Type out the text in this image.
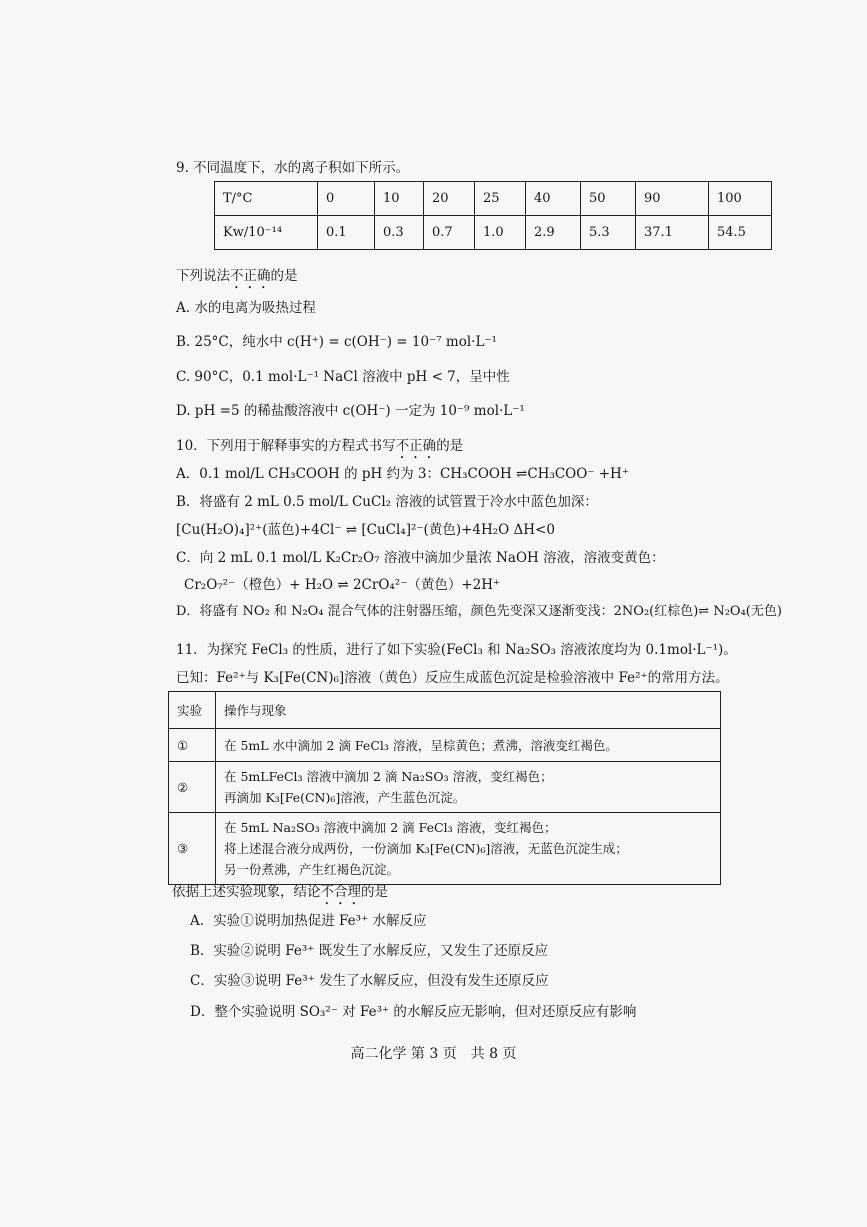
9. 不同温度下，水的离子积如下所示。
T/°C	0	10	20	25	40	50	90	100
Kw/10⁻¹⁴	0.1	0.3	0.7	1.0	2.9	5.3	37.1	54.5
下列说法不正确的是
A. 水的电离为吸热过程
B. 25°C，纯水中 c(H⁺) = c(OH⁻) = 10⁻⁷ mol·L⁻¹
C. 90°C，0.1 mol·L⁻¹ NaCl 溶液中 pH < 7，呈中性
D. pH =5 的稀盐酸溶液中 c(OH⁻) 一定为 10⁻⁹ mol·L⁻¹
10．下列用于解释事实的方程式书写不正确的是
A．0.1 mol/L CH₃COOH 的 pH 约为 3：CH₃COOH ⇌CH₃COO⁻ +H⁺
B．将盛有 2 mL 0.5 mol/L CuCl₂ 溶液的试管置于冷水中蓝色加深：
[Cu(H₂O)₄]²⁺(蓝色)+4Cl⁻ ⇌ [CuCl₄]²⁻(黄色)+4H₂O ΔH<0
C．向 2 mL 0.1 mol/L K₂Cr₂O₇ 溶液中滴加少量浓 NaOH 溶液，溶液变黄色：
Cr₂O₇²⁻（橙色）+ H₂O ⇌ 2CrO₄²⁻（黄色）+2H⁺
D．将盛有 NO₂ 和 N₂O₄ 混合气体的注射器压缩，颜色先变深又逐渐变浅：2NO₂(红棕色)⇌ N₂O₄(无色)
11．为探究 FeCl₃ 的性质，进行了如下实验(FeCl₃ 和 Na₂SO₃ 溶液浓度均为 0.1mol·L⁻¹)。
已知：Fe²⁺与 K₃[Fe(CN)₆]溶液（黄色）反应生成蓝色沉淀是检验溶液中 Fe²⁺的常用方法。
实验	操作与现象
①	在 5mL 水中滴加 2 滴 FeCl₃ 溶液，呈棕黄色；煮沸，溶液变红褐色。

②	在 5mLFeCl₃ 溶液中滴加 2 滴 Na₂SO₃ 溶液，变红褐色；

再滴加 K₃[Fe(CN)₆]溶液，产生蓝色沉淀。

③	在 5mL Na₂SO₃ 溶液中滴加 2 滴 FeCl₃ 溶液，变红褐色；

将上述混合液分成两份，一份滴加 K₃[Fe(CN)₆]溶液，无蓝色沉淀生成；

另一份煮沸，产生红褐色沉淀。

依据上述实验现象，结论不合理的是
A．实验①说明加热促进 Fe³⁺ 水解反应
B．实验②说明 Fe³⁺ 既发生了水解反应，又发生了还原反应
C．实验③说明 Fe³⁺ 发生了水解反应，但没有发生还原反应
D．整个实验说明 SO₃²⁻ 对 Fe³⁺ 的水解反应无影响，但对还原反应有影响
高二化学 第 3 页　共 8 页
